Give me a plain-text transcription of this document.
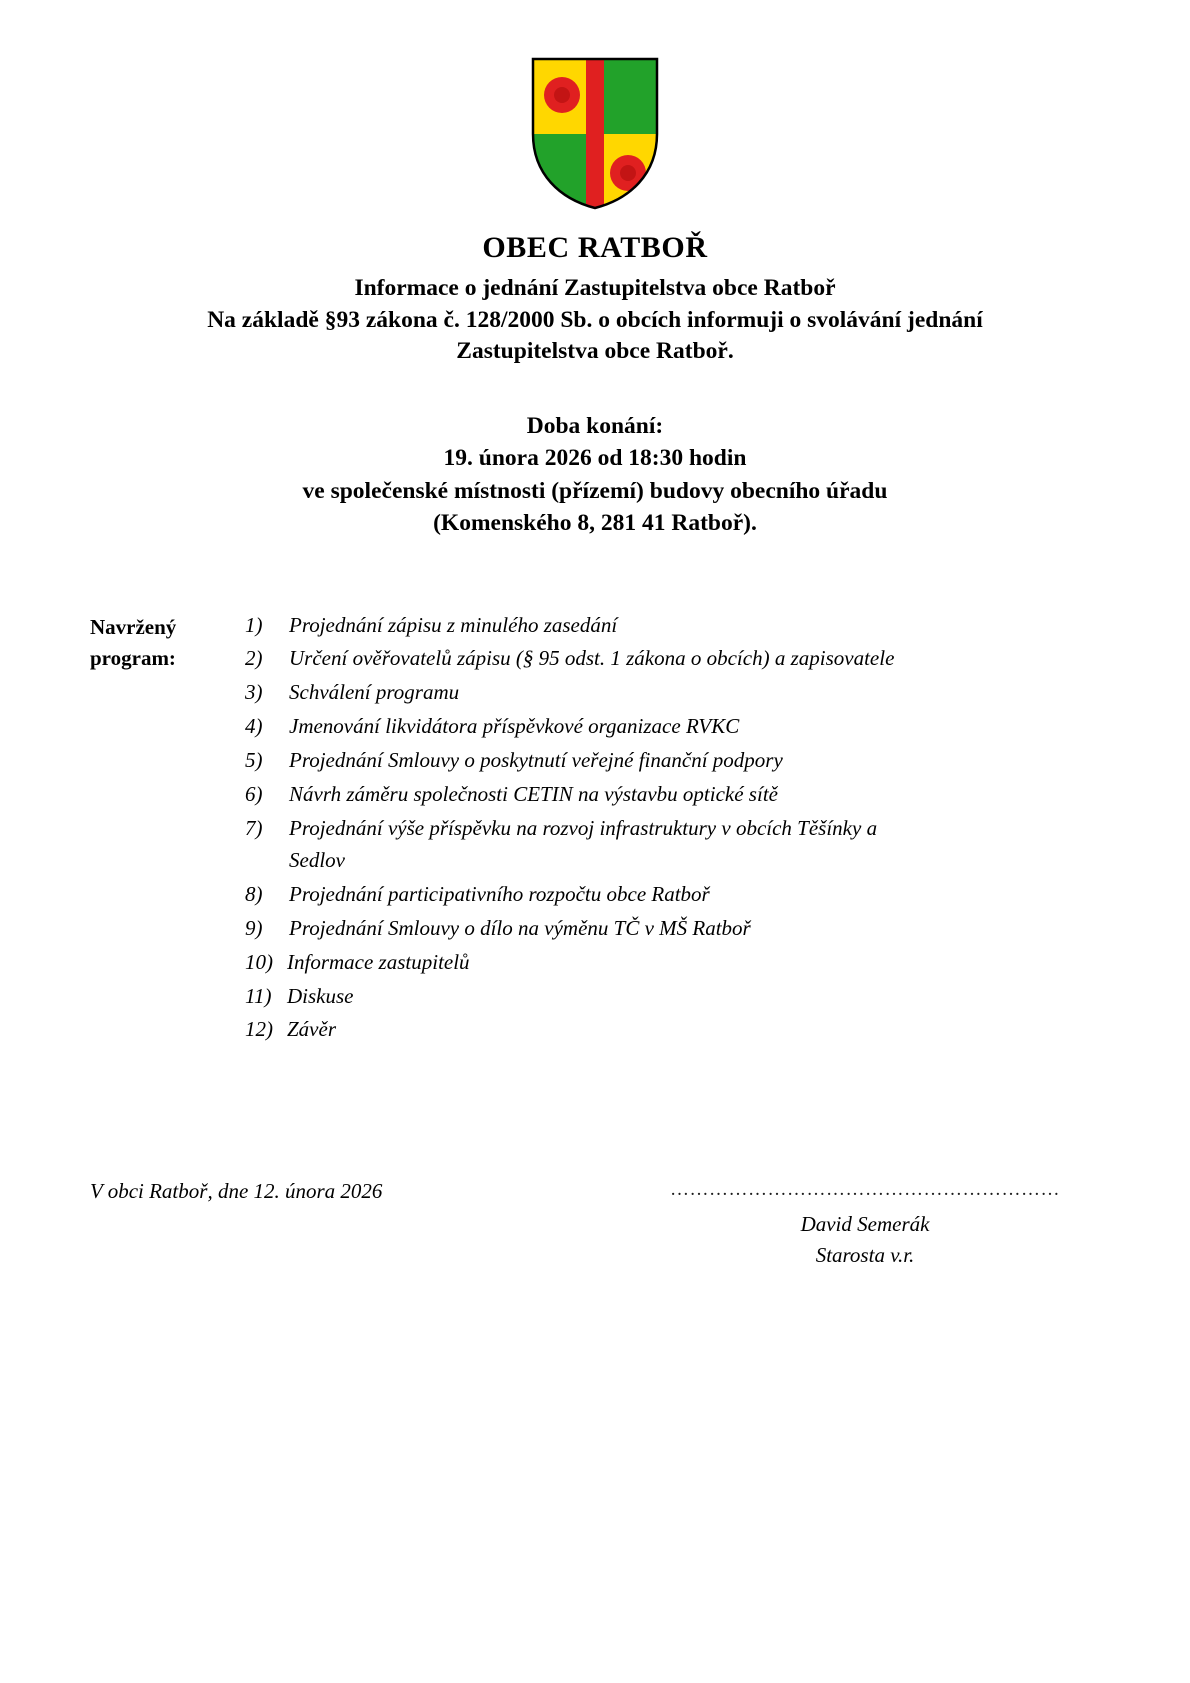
OBEC RATBOŘ
Informace o jednání Zastupitelstva obce Ratboř
Na základě §93 zákona č. 128/2000 Sb. o obcích informuji o svolávání jednání
Zastupitelstva obce Ratboř.
Doba konání:
19. února 2026 od 18:30 hodin
ve společenské místnosti (přízemí) budovy obecního úřadu
(Komenského 8, 281 41 Ratboř).
Navržený
program:
1)	Projednání zápisu z minulého zasedání
2)	Určení ověřovatelů zápisu (§ 95 odst. 1 zákona o obcích) a zapisovatele
3)	Schválení programu
4)	Jmenování likvidátora příspěvkové organizace RVKC
5)	Projednání Smlouvy o poskytnutí veřejné finanční podpory
6)	Návrh záměru společnosti CETIN na výstavbu optické sítě
7)	Projednání výše příspěvku na rozvoj infrastruktury v obcích Těšínky a Sedlov
8)	Projednání participativního rozpočtu obce Ratboř
9)	Projednání Smlouvy o dílo na výměnu TČ v MŠ Ratboř
10) Informace zastupitelů
11) Diskuse
12) Závěr
V obci Ratboř, dne 12. února 2026	……………………………………………………
David Semerák
Starosta v.r.
